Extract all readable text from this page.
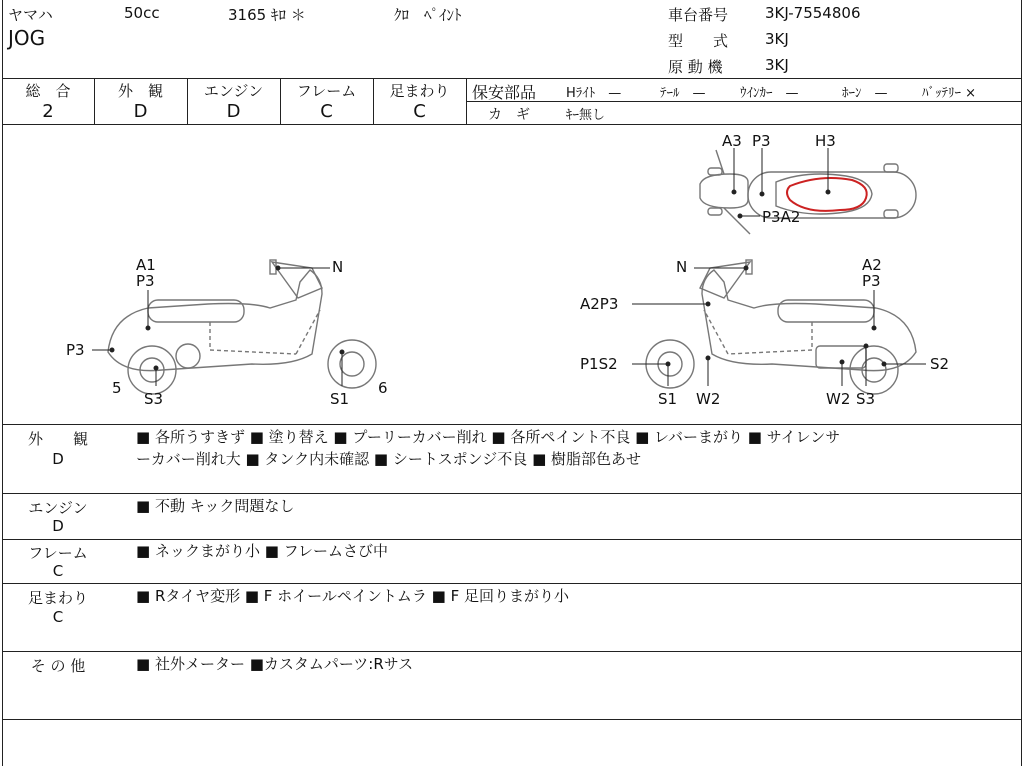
ヤマハ	50cc	3165 ｷﾛ ＊	ｸﾛ　ﾍﾟｲﾝﾄ
JOG
車台番号 3KJ-7554806
型　　式 3KJ
原 動 機	3KJ
総　合	外　観	エンジン	フレーム	足まわり
2	D	D	C	C
保安部品 Hﾗｲﾄ　—	ﾃｰﾙ　—	ｳｲﾝｶｰ　—	ﾎｰﾝ　—	ﾊﾞｯﾃﾘｰ ×
カ　ギ	ｷｰ無し
A3 P3	H3
P3A2
A1
P3
N
P3
5
S3	S1
6
N	A2
P3
A2P3
P1S2	S2
S1 W2	W2 S3
外　　観
D
■ 各所うすきず ■ 塗り替え ■ プーリーカバー削れ ■ 各所ペイント不良 ■ レバーまがり ■ サイレンサ
ーカバー削れ大 ■ タンク内未確認 ■ シートスポンジ不良 ■ 樹脂部色あせ
エンジン
D
■ 不動 キック問題なし
フレーム
C
■ ネックまがり小 ■ フレームさび中
足まわり
C
■ Rタイヤ変形 ■ F ホイールペイントムラ ■ F 足回りまがり小
そ の 他	■ 社外メーター ■カスタムパーツ:Rサス
